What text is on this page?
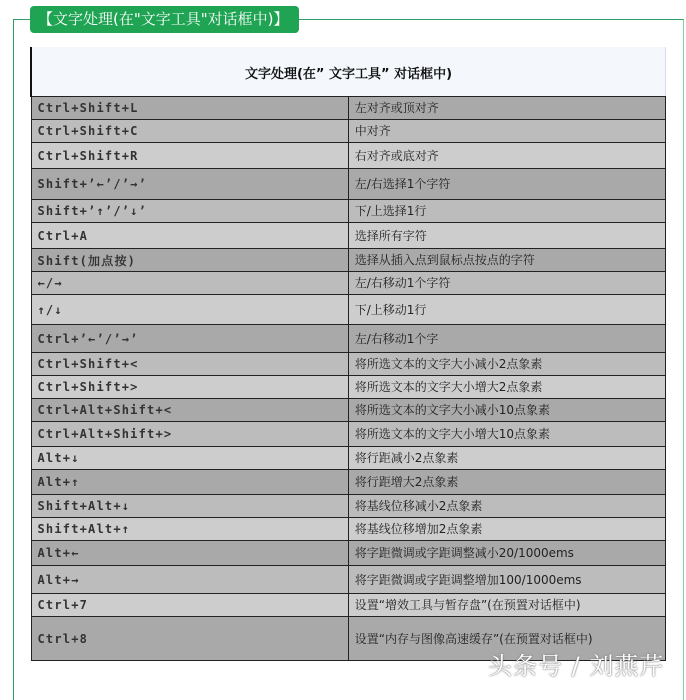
【文字处理(在"文字工具"对话框中)】
文字处理(在” 文字工具” 对话框中)	
Ctrl+Shift+L	左对齐或顶对齐
Ctrl+Shift+C	中对齐
Ctrl+Shift+R	右对齐或底对齐
Shift+’←’/’→’	左/右选择1个字符
Shift+’↑’/’↓’	下/上选择1行
Ctrl+A	选择所有字符
Shift(加点按)	选择从插入点到鼠标点按点的字符
←/→	左/右移动1个字符
↑/↓	下/上移动1行
Ctrl+’←’/’→’	左/右移动1个字
Ctrl+Shift+<	将所选文本的文字大小减小2点象素
Ctrl+Shift+>	将所选文本的文字大小增大2点象素
Ctrl+Alt+Shift+<	将所选文本的文字大小减小10点象素
Ctrl+Alt+Shift+>	将所选文本的文字大小增大10点象素
Alt+↓	将行距减小2点象素
Alt+↑	将行距增大2点象素
Shift+Alt+↓	将基线位移减小2点象素
Shift+Alt+↑	将基线位移增加2点象素
Alt+←	将字距微调或字距调整减小20/1000ems
Alt+→	将字距微调或字距调整增加100/1000ems
Ctrl+7	设置“增效工具与暂存盘”(在预置对话框中)
Ctrl+8	设置“内存与图像高速缓存”(在预置对话框中)
头条号 / 刘燕芹
